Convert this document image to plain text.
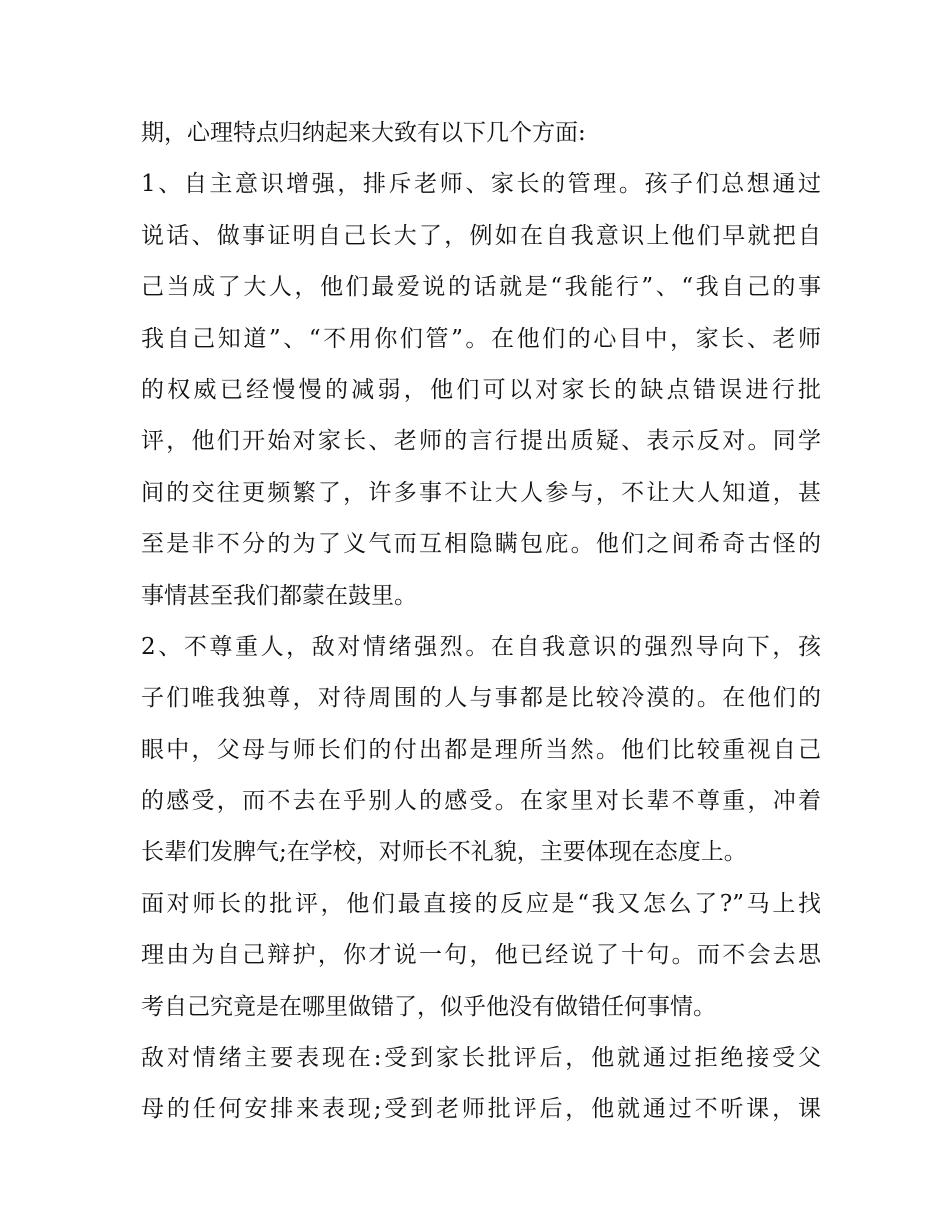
期，心理特点归纳起来大致有以下几个方面:
1、自主意识增强，排斥老师、家长的管理。孩子们总想通过
说话、做事证明自己长大了，例如在自我意识上他们早就把自
己当成了大人，他们最爱说的话就是“我能行”、“我自己的事
我自己知道”、“不用你们管”。在他们的心目中，家长、老师
的权威已经慢慢的减弱，他们可以对家长的缺点错误进行批
评，他们开始对家长、老师的言行提出质疑、表示反对。同学
间的交往更频繁了，许多事不让大人参与，不让大人知道，甚
至是非不分的为了义气而互相隐瞒包庇。他们之间希奇古怪的
事情甚至我们都蒙在鼓里。
2、不尊重人，敌对情绪强烈。在自我意识的强烈导向下，孩
子们唯我独尊，对待周围的人与事都是比较冷漠的。在他们的
眼中，父母与师长们的付出都是理所当然。他们比较重视自己
的感受，而不去在乎别人的感受。在家里对长辈不尊重，冲着
长辈们发脾气;在学校，对师长不礼貌，主要体现在态度上。
面对师长的批评，他们最直接的反应是“我又怎么了?”马上找
理由为自己辩护，你才说一句，他已经说了十句。而不会去思
考自己究竟是在哪里做错了，似乎他没有做错任何事情。
敌对情绪主要表现在:受到家长批评后，他就通过拒绝接受父
母的任何安排来表现;受到老师批评后，他就通过不听课，课
